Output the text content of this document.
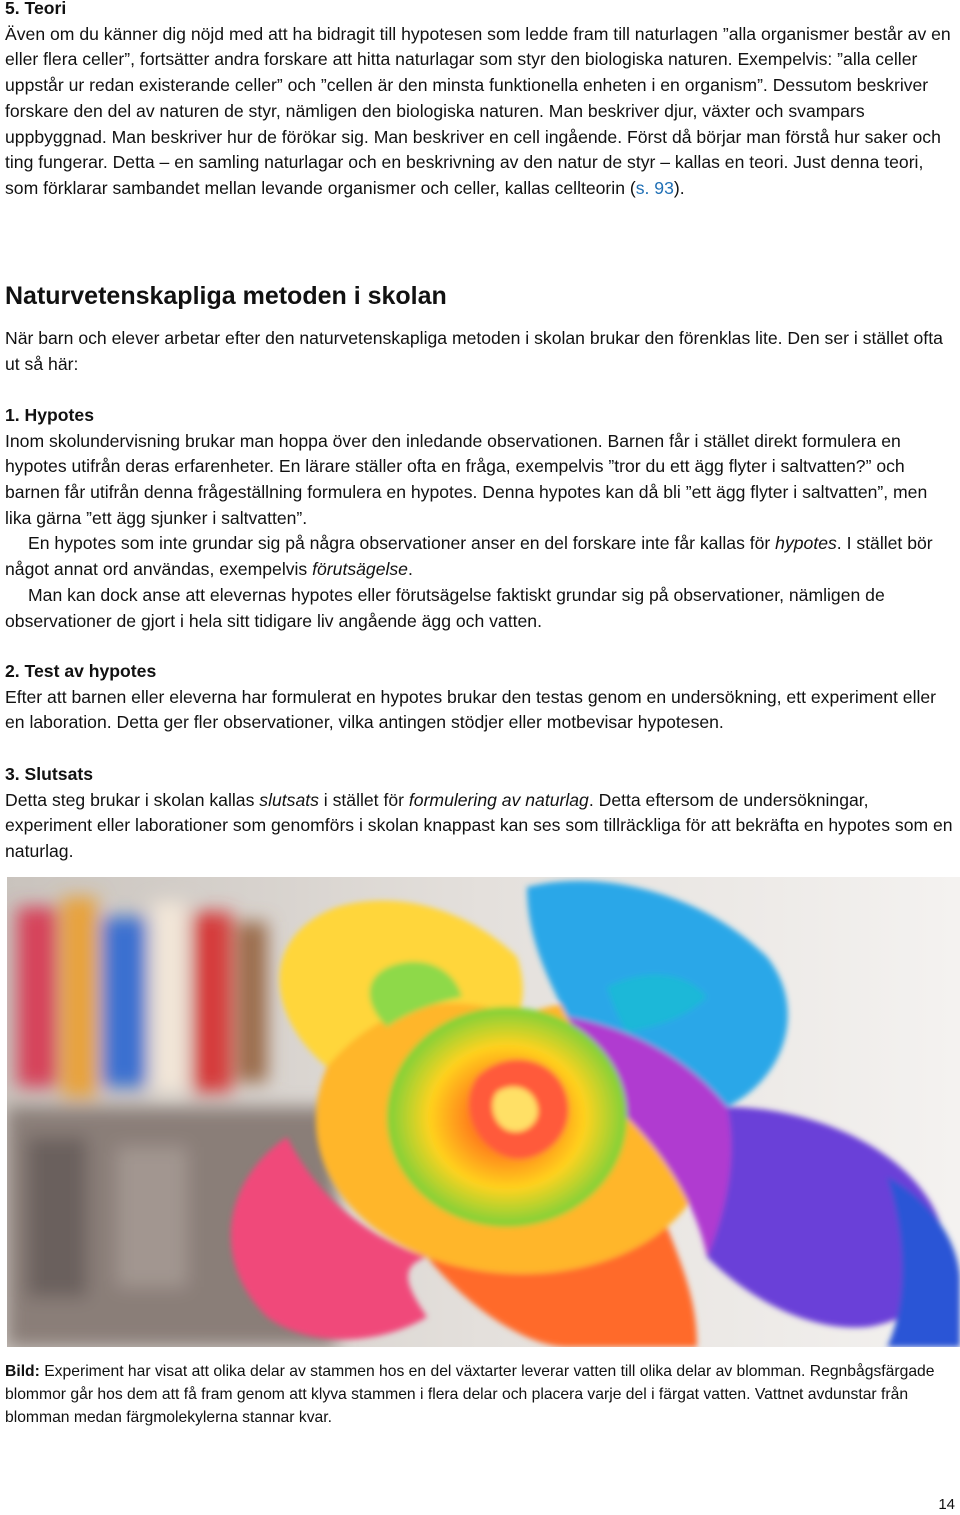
5. Teori
Även om du känner dig nöjd med att ha bidragit till hypotesen som ledde fram till naturlagen ”alla organismer består av en eller flera celler”, fortsätter andra forskare att hitta naturlagar som styr den biologiska naturen. Exempelvis: ”alla celler uppstår ur redan existerande celler” och ”cellen är den minsta funktionella enheten i en organism”. Dessutom beskriver forskare den del av naturen de styr, nämligen den biologiska naturen. Man beskriver djur, växter och svampars uppbyggnad. Man beskriver hur de förökar sig. Man beskriver en cell ingående. Först då börjar man förstå hur saker och ting fungerar. Detta – en samling naturlagar och en beskrivning av den natur de styr – kallas en teori. Just denna teori, som förklarar sambandet mellan levande organismer och celler, kallas cellteorin (s. 93).

Naturvetenskapliga metoden i skolan

När barn och elever arbetar efter den naturvetenskapliga metoden i skolan brukar den förenklas lite. Den ser i stället ofta ut så här:

1. Hypotes
Inom skolundervisning brukar man hoppa över den inledande observationen. Barnen får i stället direkt formulera en hypotes utifrån deras erfarenheter. En lärare ställer ofta en fråga, exempelvis ”tror du ett ägg flyter i saltvatten?” och barnen får utifrån denna frågeställning formulera en hypotes. Denna hypotes kan då bli ”ett ägg flyter i saltvatten”, men lika gärna ”ett ägg sjunker i saltvatten”.

En hypotes som inte grundar sig på några observationer anser en del forskare inte får kallas för hypotes. I stället bör något annat ord användas, exempelvis förutsägelse.

Man kan dock anse att elevernas hypotes eller förutsägelse faktiskt grundar sig på observationer, nämligen de observationer de gjort i hela sitt tidigare liv angående ägg och vatten.

2. Test av hypotes
Efter att barnen eller eleverna har formulerat en hypotes brukar den testas genom en undersökning, ett experiment eller en laboration. Detta ger fler observationer, vilka antingen stödjer eller motbevisar hypotesen.

3. Slutsats
Detta steg brukar i skolan kallas slutsats i stället för formulering av naturlag. Detta eftersom de undersökningar, experiment eller laborationer som genomförs i skolan knappast kan ses som tillräckliga för att bekräfta en hypotes som en naturlag.

Bild: Experiment har visat att olika delar av stammen hos en del växtarter leverar vatten till olika delar av blomman. Regnbågsfärgade blommor går hos dem att få fram genom att klyva stammen i flera delar och placera varje del i färgat vatten. Vattnet avdunstar från blomman medan färgmolekylerna stannar kvar.

14
